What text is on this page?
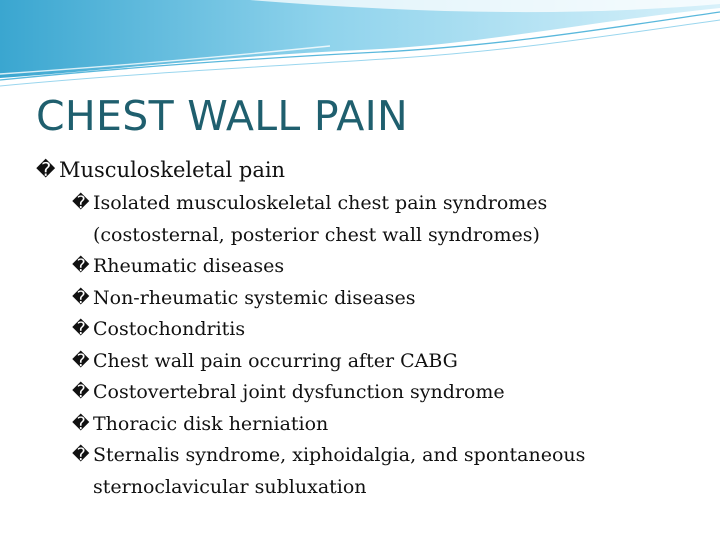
CHEST WALL PAIN
� Musculoskeletal pain
� Isolated musculoskeletal chest pain syndromes (costosternal, posterior chest wall syndromes)
� Rheumatic diseases
� Non-rheumatic systemic diseases
� Costochondritis
� Chest wall pain occurring after CABG
� Costovertebral joint dysfunction syndrome
� Thoracic disk herniation
� Sternalis syndrome, xiphoidalgia, and spontaneous sternoclavicular subluxation
